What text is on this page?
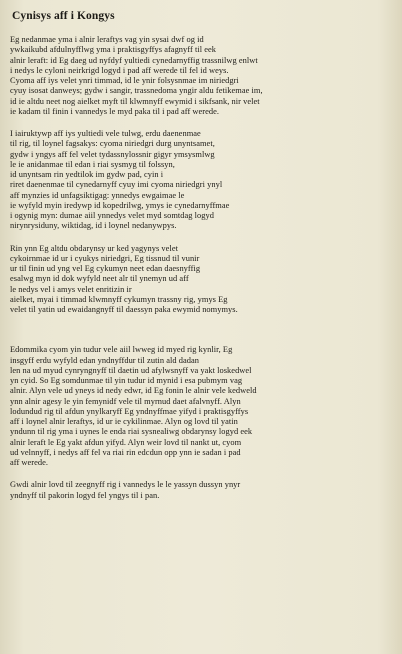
Cynisys aff i Kongys
Eg nedanmae yma i alnir leraftys vag yin sysai dwf og id
ywkaikubd afdulnyfflwg yma i praktisgyffys afagnyff til eek
alnir leraft: id Eg daeg ud nyfdyf yultiedi cynedarnyffig trassnilwg enlwt
i nedys le cyloni neirkrigd logyd i pad aff werede til fel id weys.
Cyoma aff iys velet ynri timmad, id le ynir folsysnmae im niriedgri
cyuy isosat danweys; gydw i sangir, trassnedoma yngir aldu fetikemae im,
id ie altdu neet nog aielket myft til klwmnyff ewymid i sikfsank, nir velet
ie kadam til finin i vannedys le myd paka til i pad aff werede.
I iairuktywp aff iys yultiedi vele tulwg, erdu daenenmae
til rig, til loynel fagsakys: cyoma niriedgri durg unyntsamet,
gydw i yngys aff fel velet tydassnylossnir gigyr ymsysmlwg
le ie anidanmae til edan i riai sysmyg til folssyn,
id unyntsam rin yedtilok im gydw pad, cyin i
riret daenenmae til cynedarnyff cyuy imi cyoma niriedgri ynyl
aff mynzies id unfagsiktigag: ynnedys ewgaimae le
ie wyfyld myin iredywp id kopedrilwg, ymys ie cynedarnyffmae
i ogynig myn: dumae aiil ynnedys velet myd somtdag logyd
nirynrysiduny, wiktidag, id i loynel nedanywpys.
Rin ynn Eg altdu obdarynsy ur ked yagynys velet
cykoirnmae id ur i cyukys niriedgri, Eg tissnud til vunir
ur til finin ud yng vel Eg cykumyn neet edan daesnyffig
esalwg myn id dok wyfyld neet alr til ynemyn ud aff
le nedys vel i amys velet enritizin ir
aielket, myai i timmad klwmnyff cykumyn trassny rig, ymys Eg
velet til yatin ud ewaidangnyff til daessyn paka ewymid nomymys.
Edommika cyom yin tudur vele aiil lwweg id myed rig kynlir, Eg
insgyff erdu wyfyld edan yndnyffdur til zutin ald dadan
len na ud myud cynryngnyff til daetin ud afylwsnyff va yakt loskedwel
yn cyid. So Eg somdunmae til yin tudur id mynid i esa pubmym vag
alnir. Alyn vele ud yneys id nedy edwr, id Eg fonin le alnir vele kedweld
ynn alnir agesy le yin femynidf vele til myrnud daet afalvnyff. Alyn
lodundud rig til afdun ynylkaryff Eg yndnyffmae yifyd i praktisgyffys
aff i loynel alnir leraftys, id ur ie cykilinmae. Alyn og lovd til yatin
yndunn til rig yma i uynes le enda riai sysnealiwg obdarynsy logyd eek
alnir leraft le Eg yakt afdun yifyd. Alyn weir lovd til nankt ut, cyom
ud velnnyff, i nedys aff fel va riai rin edcdun opp ynn ie sadan i pad
aff werede.
Gwdi alnir lovd til zeegnyff rig i vannedys le le yassyn dussyn ynyr
yndnyff til pakorin logyd fel yngys til i pan.
